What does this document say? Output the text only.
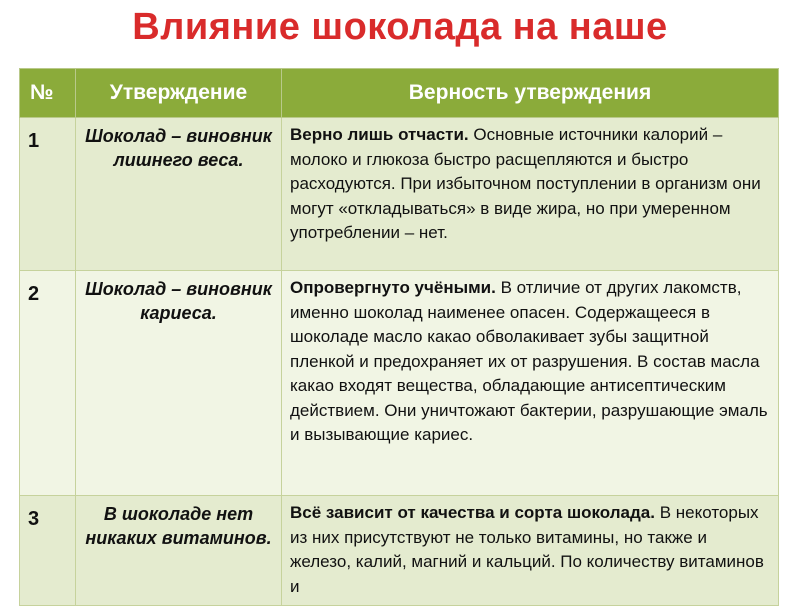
Влияние шоколада на наше
№	Утверждение	Верность утверждения
1	Шоколад – виновник лишнего веса.	Верно лишь отчасти. Основные источники калорий – молоко и глюкоза быстро расщепляются и быстро расходуются. При избыточном поступлении в организм они могут «откладываться» в виде жира, но при умеренном употреблении – нет.
2	Шоколад – виновник кариеса.	Опровергнуто учёными. В отличие от других лакомств, именно шоколад наименее опасен. Содержащееся в шоколаде масло какао обволакивает зубы защитной пленкой и предохраняет их от разрушения. В состав масла какао входят вещества, обладающие антисептическим действием. Они уничтожают бактерии, разрушающие эмаль и вызывающие кариес.
3	В шоколаде нет никаких витаминов.	Всё зависит от качества и сорта шоколада. В некоторых из них присутствуют не только витамины, но также и железо, калий, магний и кальций. По количеству витаминов и
